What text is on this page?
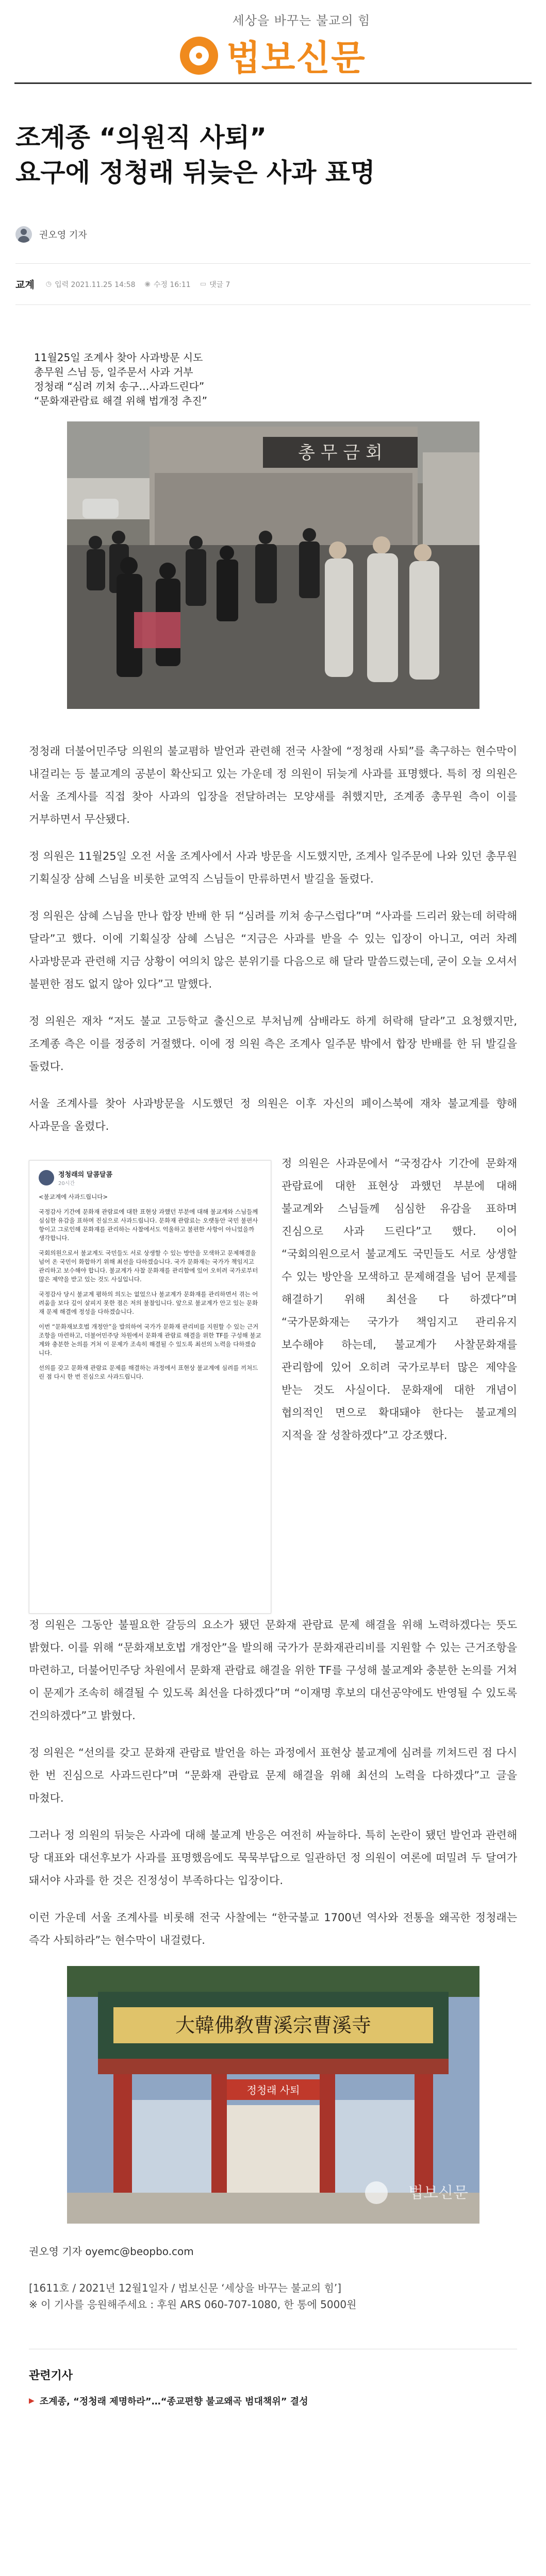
세상을 바꾸는 불교의 힘
법보신문
조계종 “의원직 사퇴”
요구에 정청래 뒤늦은 사과 표명
권오영 기자
교계 ◷ 입력 2021.11.25 14:58 ◉ 수정 16:11 ▭ 댓글 7
11월25일 조계사 찾아 사과방문 시도
총무원 스님 등, 일주문서 사과 거부
정청래 “심려 끼쳐 송구…사과드린다”
“문화재관람료 해결 위해 법개정 추진”
총 무 금 회

정청래 더불어민주당 의원의 불교폄하 발언과 관련해 전국 사찰에 “정청래 사퇴”를 촉구하는 현수막이 내걸리는 등 불교계의 공분이 확산되고 있는 가운데 정 의원이 뒤늦게 사과를 표명했다. 특히 정 의원은 서울 조계사를 직접 찾아 사과의 입장을 전달하려는 모양새를 취했지만, 조계종 총무원 측이 이를 거부하면서 무산됐다.

정 의원은 11월25일 오전 서울 조계사에서 사과 방문을 시도했지만, 조계사 일주문에 나와 있던 총무원 기획실장 삼혜 스님을 비롯한 교역직 스님들이 만류하면서 발길을 돌렸다.

정 의원은 삼혜 스님을 만나 합장 반배 한 뒤 “심려를 끼쳐 송구스럽다”며 “사과를 드리러 왔는데 허락해 달라”고 했다. 이에 기획실장 삼혜 스님은 “지금은 사과를 받을 수 있는 입장이 아니고, 여러 차례 사과방문과 관련해 지금 상황이 여의치 않은 분위기를 다음으로 해 달라 말씀드렸는데, 굳이 오늘 오셔서 불편한 점도 없지 않아 있다”고 말했다.

정 의원은 재차 “저도 불교 고등학교 출신으로 부처님께 삼배라도 하게 허락해 달라”고 요청했지만, 조계종 측은 이를 정중히 거절했다. 이에 정 의원 측은 조계사 일주문 밖에서 합장 반배를 한 뒤 발길을 돌렸다.

서울 조계사를 찾아 사과방문을 시도했던 정 의원은 이후 자신의 페이스북에 재차 불교계를 향해 사과문을 올렸다.

정청래의 달콤달콤
20시간

<불교계에 사과드립니다>

국정감사 기간에 문화재 관람료에 대한 표현상 과했던 부분에 대해 불교계와 스님들께 심심한 유감을 표하며 진심으로 사과드립니다. 문화재 관람료는 오랫동안 국민 불편사항이고 그로인해 문화재를 관리하는 사찰에서도 억울하고 불편한 사항이 아니었을까 생각합니다.

국회의원으로서 불교계도 국민들도 서로 상생할 수 있는 방안을 모색하고 문제해결을 넘어 온 국민이 화합하기 위해 최선을 다하겠습니다. 국가 문화재는 국가가 책임지고 관리하고 보수해야 합니다. 불교계가 사찰 문화재를 관리함에 있어 오히려 국가로부터 많은 제약을 받고 있는 것도 사실입니다.

국정감사 당시 불교계 폄하의 의도는 없었으나 불교계가 문화재를 관리하면서 겪는 어려움을 보다 깊이 살피지 못한 점은 저의 불찰입니다. 앞으로 불교계가 안고 있는 문화재 문제 해결에 정성을 다하겠습니다.

이번 “문화재보호법 개정안”을 발의하여 국가가 문화재 관리비를 지원할 수 있는 근거조항을 마련하고, 더불어민주당 차원에서 문화재 관람료 해결을 위한 TF를 구성해 불교계와 충분한 논의를 거쳐 이 문제가 조속히 해결될 수 있도록 최선의 노력을 다하겠습니다.

선의를 갖고 문화재 관람료 문제를 해결하는 과정에서 표현상 불교계에 심려를 끼쳐드린 점 다시 한 번 진심으로 사과드립니다.

정 의원은 사과문에서 “국정감사 기간에 문화재 관람료에 대한 표현상 과했던 부분에 대해 불교계와 스님들께 심심한 유감을 표하며 진심으로 사과 드린다”고 했다. 이어 “국회의원으로서 불교계도 국민들도 서로 상생할 수 있는 방안을 모색하고 문제해결을 넘어 문제를 해결하기 위해 최선을 다 하겠다”며 “국가문화재는 국가가 책임지고 관리유지 보수해야 하는데, 불교계가 사찰문화재를 관리함에 있어 오히려 국가로부터 많은 제약을 받는 것도 사실이다. 문화재에 대한 개념이 협의적인 면으로 확대돼야 한다는 불교계의 지적을 잘 성찰하겠다”고 강조했다.

정 의원은 그동안 불필요한 갈등의 요소가 됐던 문화재 관람료 문제 해결을 위해 노력하겠다는 뜻도 밝혔다. 이를 위해 “문화재보호법 개정안”을 발의해 국가가 문화재관리비를 지원할 수 있는 근거조항을 마련하고, 더불어민주당 차원에서 문화재 관람료 해결을 위한 TF를 구성해 불교계와 충분한 논의를 거쳐 이 문제가 조속히 해결될 수 있도록 최선을 다하겠다”며 “이재명 후보의 대선공약에도 반영될 수 있도록 건의하겠다”고 밝혔다.

정 의원은 “선의를 갖고 문화재 관람료 발언을 하는 과정에서 표현상 불교계에 심려를 끼쳐드린 점 다시 한 번 진심으로 사과드린다”며 “문화재 관람료 문제 해결을 위해 최선의 노력을 다하겠다”고 글을 마쳤다.

그러나 정 의원의 뒤늦은 사과에 대해 불교계 반응은 여전히 싸늘하다. 특히 논란이 됐던 발언과 관련해 당 대표와 대선후보가 사과를 표명했음에도 묵묵부답으로 일관하던 정 의원이 여론에 떠밀려 두 달여가 돼서야 사과를 한 것은 진정성이 부족하다는 입장이다.

이런 가운데 서울 조계사를 비롯해 전국 사찰에는 “한국불교 1700년 역사와 전통을 왜곡한 정청래는 즉각 사퇴하라”는 현수막이 내걸렸다.

大韓佛敎曹溪宗曹溪寺
정청래 사퇴
법보신문
권오영 기자 oyemc@beopbo.com
[1611호 / 2021년 12월1일자 / 법보신문 ‘세상을 바꾸는 불교의 힘’]
※ 이 기사를 응원해주세요 : 후원 ARS 060-707-1080, 한 통에 5000원
관련기사
▶ 조계종, “정청래 제명하라”…“종교편향 불교왜곡 범대책위” 결성
